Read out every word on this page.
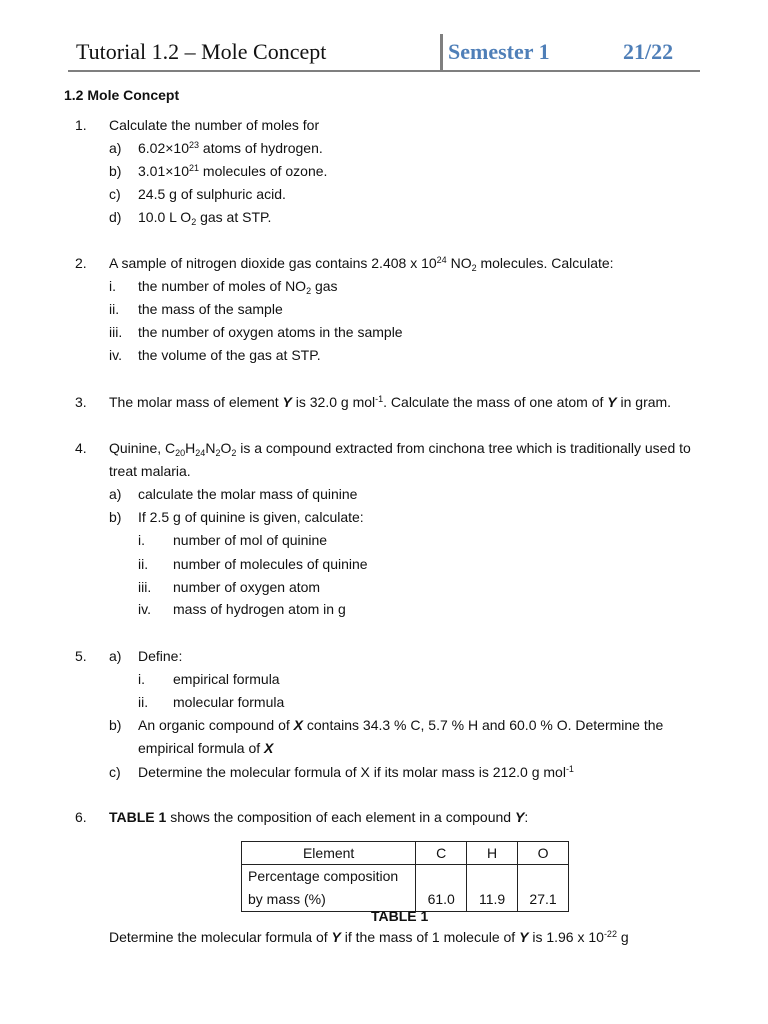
Tutorial 1.2 – Mole Concept	Semester 1	21/22
1.2 Mole Concept
1. Calculate the number of moles for
a) $6.02\times 10^{23}$ atoms of hydrogen.
b) $3.01\times 10^{21}$ molecules of ozone.
c) 24.5 g of sulphuric acid.
d) 10.0 L $O_2$ gas at STP.
2. A sample of nitrogen dioxide gas contains 2.408 x $10^{24}$ $NO_2$ molecules. Calculate:
i. the number of moles of $NO_2$ gas
ii. the mass of the sample
iii. the number of oxygen atoms in the sample
iv. the volume of the gas at STP.
3. The molar mass of element Y is 32.0 g mol$^{-1}$. Calculate the mass of one atom of Y in gram.
4. Quinine, $C_{20}H_{24}N_2O_2$ is a compound extracted from cinchona tree which is traditionally used to
treat malaria.
a) calculate the molar mass of quinine
b) If 2.5 g of quinine is given, calculate:
i. number of mol of quinine
ii. number of molecules of quinine
iii. number of oxygen atom
iv. mass of hydrogen atom in g
5. a) Define:
i. empirical formula
ii. molecular formula
b) An organic compound of X contains 34.3 % C, 5.7 % H and 60.0 % O. Determine the
empirical formula of X
c) Determine the molecular formula of X if its molar mass is 212.0 g mol$^{-1}$
6. TABLE 1 shows the composition of each element in a compound Y:
Element	C	H	O
Percentage composition
by mass (%)	61.0	11.9	27.1
TABLE 1
Determine the molecular formula of Y if the mass of 1 molecule of Y is 1.96 x $10^{-22}$ g
